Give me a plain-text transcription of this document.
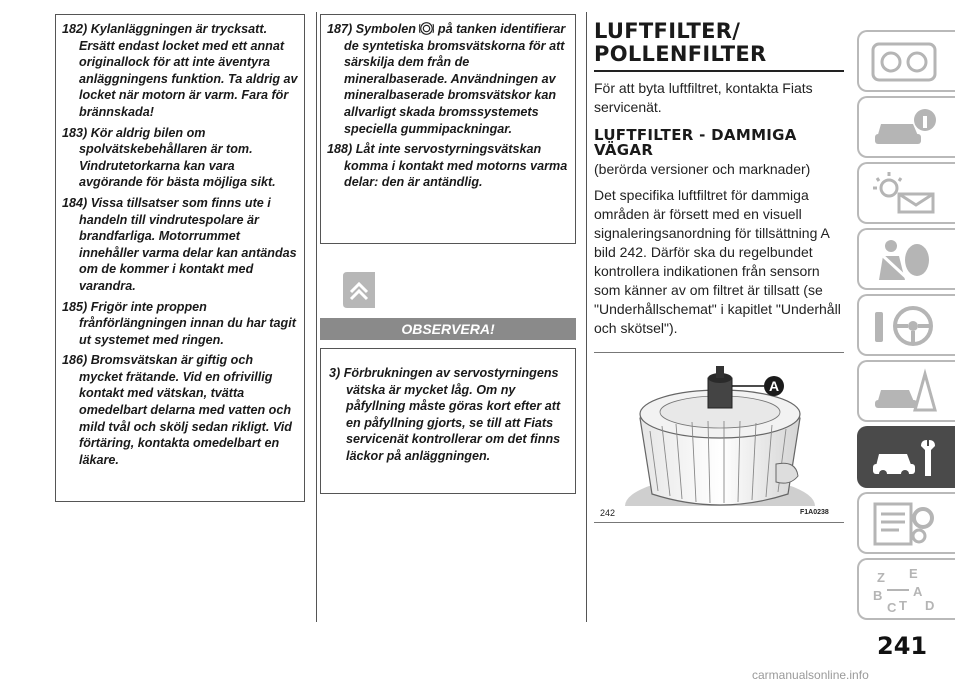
182) Kylanläggningen är trycksatt. Ersätt endast locket med ett annat originallock för att inte äventyra anläggningens funktion. Ta aldrig av locket när motorn är varm. Fara för brännskada!

183) Kör aldrig bilen om spolvätskebehållaren är tom. Vindrutetorkarna kan vara avgörande för bästa möjliga sikt.

184) Vissa tillsatser som finns ute i handeln till vindrutespolare är brandfarliga. Motorrummet innehåller varma delar kan antändas om de kommer i kontakt med varandra.

185) Frigör inte proppen frånförlängningen innan du har tagit ut systemet med ringen.

186) Bromsvätskan är giftig och mycket frätande. Vid en ofrivillig kontakt med vätskan, tvätta omedelbart delarna med vatten och mild tvål och skölj sedan rikligt. Vid förtäring, kontakta omedelbart en läkare.

187) Symbolen på tanken identifierar de syntetiska bromsvätskorna för att särskilja dem från de mineralbaserade. Användningen av mineralbaserade bromsvätskor kan allvarligt skada bromssystemets speciella gummipackningar.

188) Låt inte servostyrningsvätskan komma i kontakt med motorns varma delar: den är antändlig.

OBSERVERA!

3) Förbrukningen av servostyrningens vätska är mycket låg. Om ny påfyllning måste göras kort efter att en påfyllning gjorts, se till att Fiats servicenät kontrollerar om det finns läckor på anläggningen.

LUFTFILTER/
POLLENFILTER
För att byta luftfiltret, kontakta Fiats servicenät.
LUFTFILTER - DAMMIGA
VÄGAR
(berörda versioner och marknader)
Det specifika luftfiltret för dammiga områden är försett med en visuell signaleringsanordning för tillsättning A bild 242. Därför ska du regelbundet kontrollera indikationen från sensorn som känner av om filtret är tillsatt (se "Underhållschemat" i kapitlet "Underhåll och skötsel").
A
242	F1A0238
Z E
A
B
C T D
241
carmanualsonline.info
